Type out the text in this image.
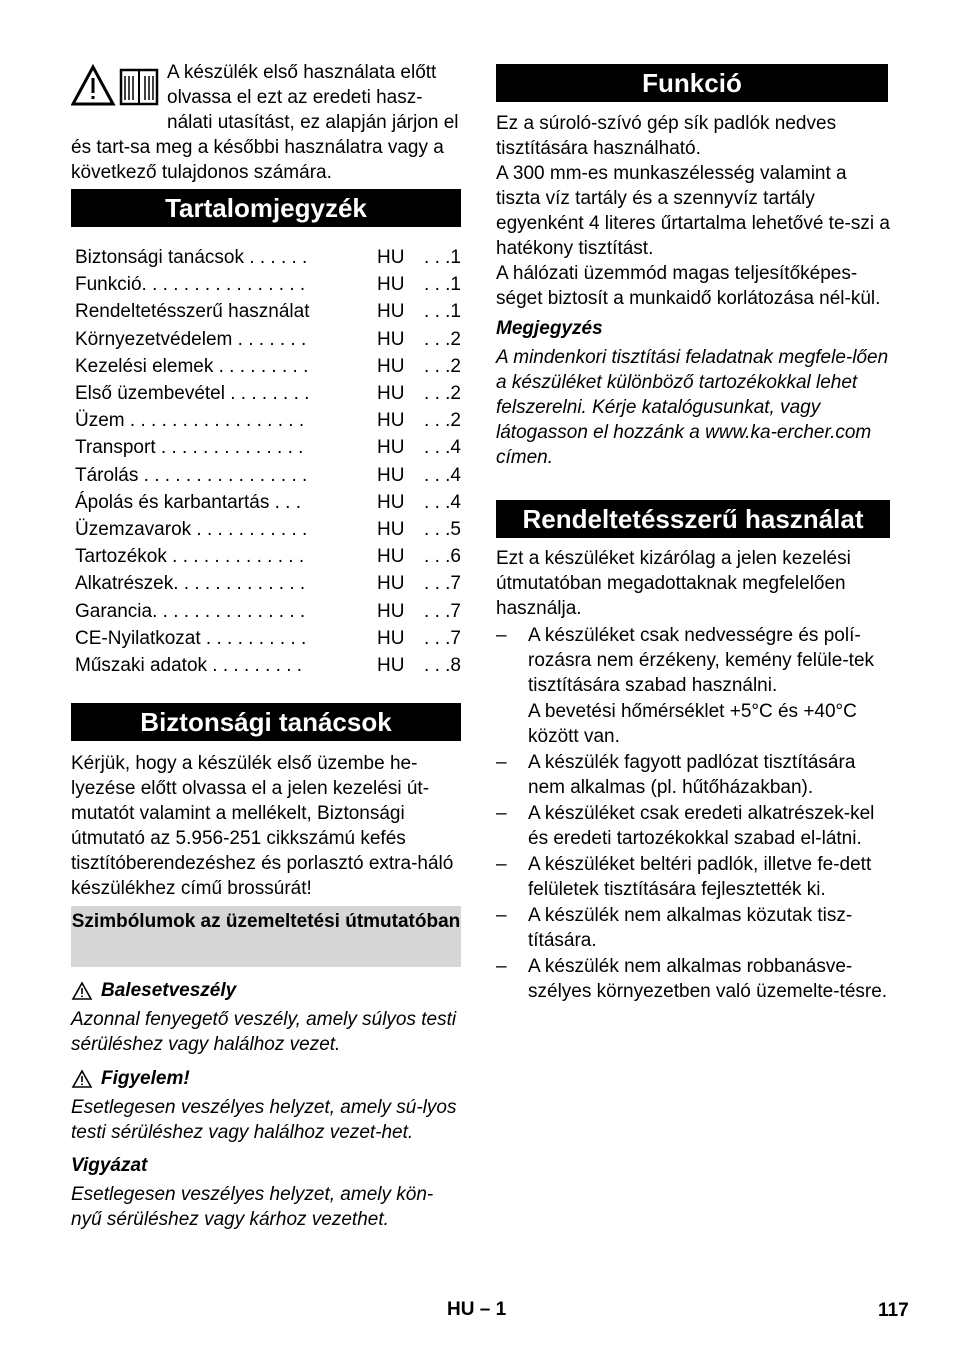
A készülék első használata előtt olvassa el ezt az eredeti hasz-nálati utasítást, ez alapján járjon el és tart-sa meg a későbbi használatra vagy a következő tulajdonos számára.

Tartalomjegyzék
Biztonsági tanácsok . . . . . .	HU	. . .1
Funkció. . . . . . . . . . . . . . . .	HU	. . .1
Rendeltetésszerű használat	HU	. . .1
Környezetvédelem . . . . . . .	HU	. . .2
Kezelési elemek . . . . . . . . .	HU	. . .2
Első üzembevétel . . . . . . . .	HU	. . .2
Üzem . . . . . . . . . . . . . . . . .	HU	. . .2
Transport . . . . . . . . . . . . . .	HU	. . .4
Tárolás . . . . . . . . . . . . . . . .	HU	. . .4
Ápolás és karbantartás . . .	HU	. . .4
Üzemzavarok . . . . . . . . . . .	HU	. . .5
Tartozékok . . . . . . . . . . . . .	HU	. . .6
Alkatrészek. . . . . . . . . . . . .	HU	. . .7
Garancia. . . . . . . . . . . . . . .	HU	. . .7
CE-Nyilatkozat . . . . . . . . . .	HU	. . .7
Műszaki adatok . . . . . . . . .	HU	. . .8
Biztonsági tanácsok

Kérjük, hogy a készülék első üzembe he-lyezése előtt olvassa el a jelen kezelési út-mutatót valamint a mellékelt, Biztonsági útmutató az 5.956-251 cikkszámú kefés tisztítóberendezéshez és porlasztó extra-háló készülékhez című brossúrát!

Szimbólumok az üzemeltetési útmutatóban
Balesetveszély

Azonnal fenyegető veszély, amely súlyos testi sérüléshez vagy halálhoz vezet.

Figyelem!

Esetlegesen veszélyes helyzet, amely sú-lyos testi sérüléshez vagy halálhoz vezet-het.

Vigyázat

Esetlegesen veszélyes helyzet, amely kön-nyű sérüléshez vagy kárhoz vezethet.

Funkció

Ez a súroló-szívó gép sík padlók nedves tisztítására használható.

A 300 mm-es munkaszélesség valamint a tiszta víz tartály és a szennyvíz tartály egyenként 4 literes űrtartalma lehetővé te-szi a hatékony tisztítást.

A hálózati üzemmód magas teljesítőképes-séget biztosít a munkaidő korlátozása nél-kül.

Megjegyzés

A mindenkori tisztítási feladatnak megfele-lően a készüléket különböző tartozékokkal lehet felszerelni. Kérje katalógusunkat, vagy látogasson el hozzánk a www.ka-ercher.com címen.

Rendeltetésszerű használat

Ezt a készüléket kizárólag a jelen kezelési útmutatóban megadottaknak megfelelően használja.

– A készüléket csak nedvességre és polí-rozásra nem érzékeny, kemény felüle-tek tisztítására szabad használni.

A bevetési hőmérséklet +5°C és +40°C között van.

– A készülék fagyott padlózat tisztítására nem alkalmas (pl. hűtőházakban).
– A készüléket csak eredeti alkatrészek-kel és eredeti tartozékokkal szabad el-látni.
– A készüléket beltéri padlók, illetve fe-dett felületek tisztítására fejlesztették ki.
– A készülék nem alkalmas közutak tisz-títására.
– A készülék nem alkalmas robbanásve-szélyes környezetben való üzemelte-tésre.
HU – 1	117
